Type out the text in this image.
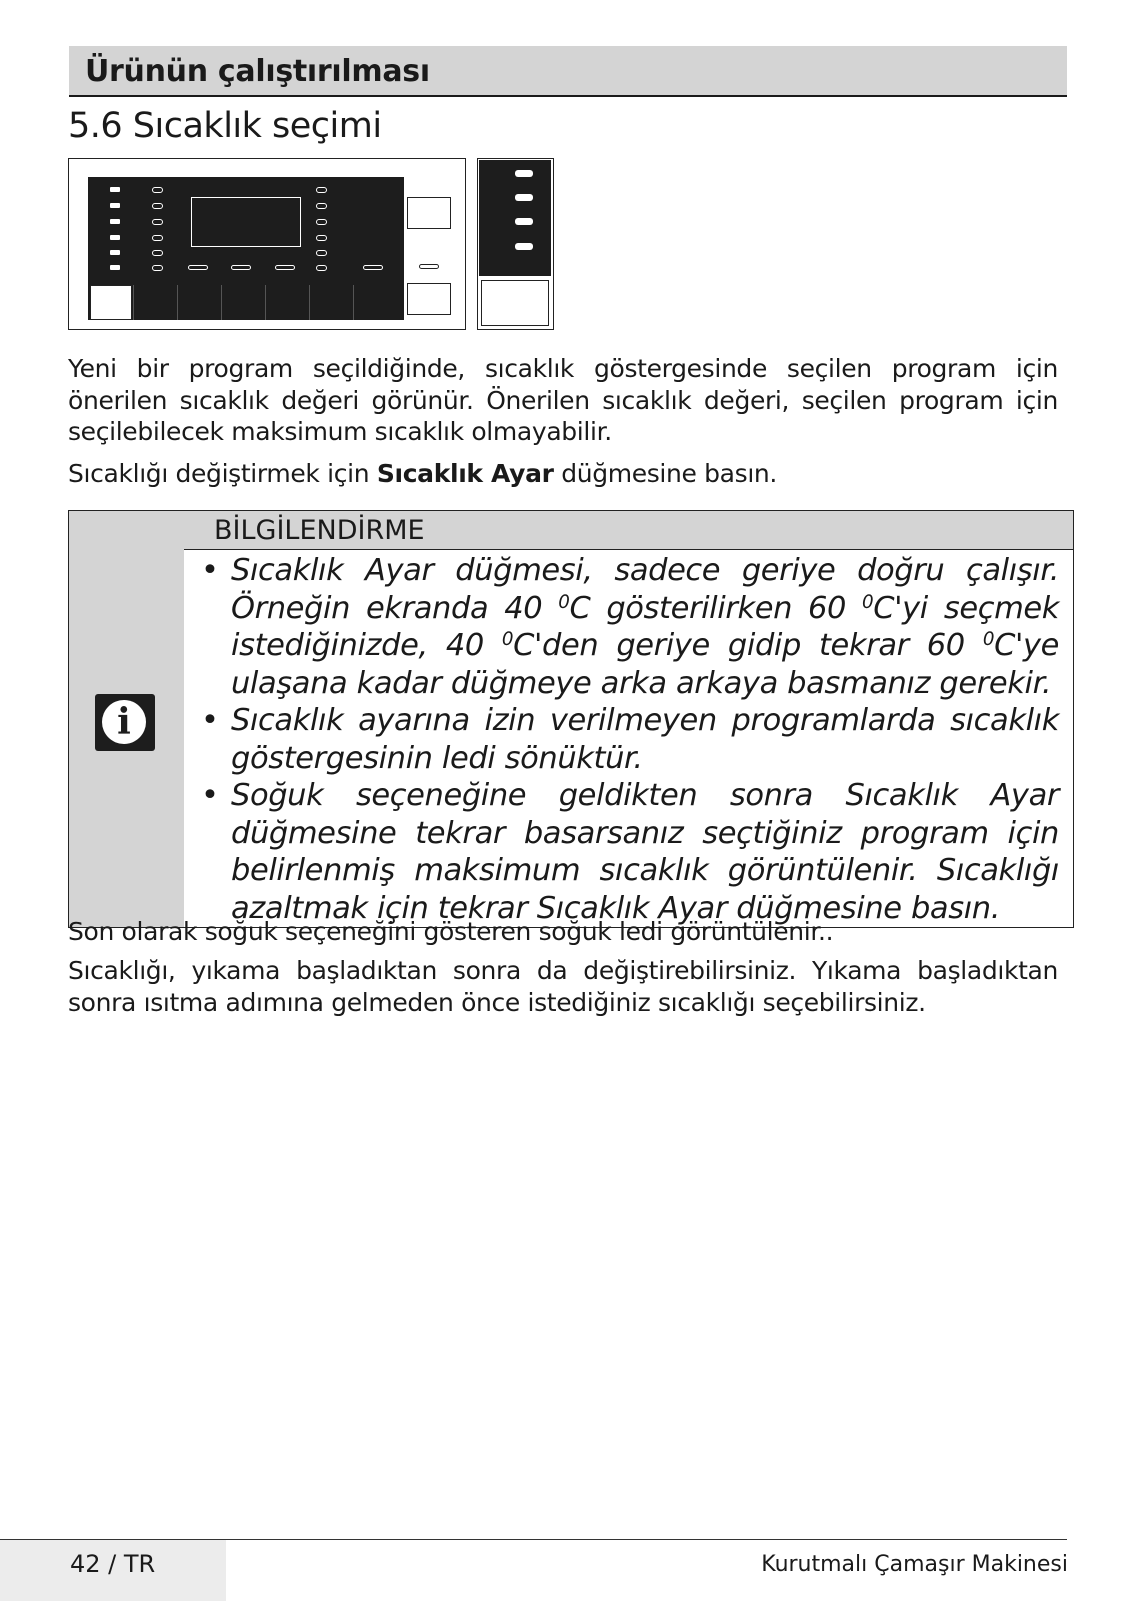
Ürünün çalıştırılması
5.6 Sıcaklık seçimi

Yeni bir program seçildiğinde, sıcaklık göstergesinde seçilen program için önerilen sıcaklık değeri görünür. Önerilen sıcaklık değeri, seçilen program için seçilebilecek maksimum sıcaklık olmayabilir.

Sıcaklığı değiştirmek için Sıcaklık Ayar düğmesine basın.

i
BİLGİLENDİRME
• Sıcaklık Ayar düğmesi, sadece geriye doğru çalışır. Örneğin ekranda 40 $^0$C gösterilirken 60 $^0$C'yi seçmek istediğinizde, 40 $^0$C'den geriye gidip tekrar 60 $^0$C'ye ulaşana kadar düğmeye arka arkaya basmanız gerekir.
• Sıcaklık ayarına izin verilmeyen programlarda sıcaklık göstergesinin ledi sönüktür.
• Soğuk seçeneğine geldikten sonra Sıcaklık Ayar düğmesine tekrar basarsanız seçtiğiniz program için belirlenmiş maksimum sıcaklık görüntülenir. Sıcaklığı azaltmak için tekrar Sıcaklık Ayar düğmesine basın.

Son olarak soğuk seçeneğini gösteren soğuk ledi görüntülenir..

Sıcaklığı, yıkama başladıktan sonra da değiştirebilirsiniz. Yıkama başladıktan sonra ısıtma adımına gelmeden önce istediğiniz sıcaklığı seçebilirsiniz.

42 / TR	Kurutmalı Çamaşır Makinesi
